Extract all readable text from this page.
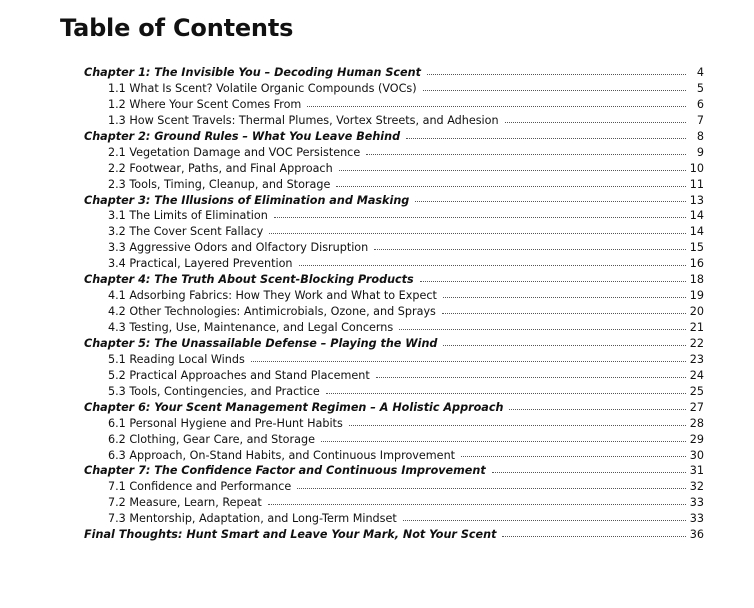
Table of Contents
Chapter 1: The Invisible You – Decoding Human Scent	4
1.1 What Is Scent? Volatile Organic Compounds (VOCs)	5
1.2 Where Your Scent Comes From	6
1.3 How Scent Travels: Thermal Plumes, Vortex Streets, and Adhesion	7
Chapter 2: Ground Rules – What You Leave Behind	8
2.1 Vegetation Damage and VOC Persistence	9
2.2 Footwear, Paths, and Final Approach	10
2.3 Tools, Timing, Cleanup, and Storage	11
Chapter 3: The Illusions of Elimination and Masking	13
3.1 The Limits of Elimination	14
3.2 The Cover Scent Fallacy	14
3.3 Aggressive Odors and Olfactory Disruption	15
3.4 Practical, Layered Prevention	16
Chapter 4: The Truth About Scent-Blocking Products	18
4.1 Adsorbing Fabrics: How They Work and What to Expect	19
4.2 Other Technologies: Antimicrobials, Ozone, and Sprays	20
4.3 Testing, Use, Maintenance, and Legal Concerns	21
Chapter 5: The Unassailable Defense – Playing the Wind	22
5.1 Reading Local Winds	23
5.2 Practical Approaches and Stand Placement	24
5.3 Tools, Contingencies, and Practice	25
Chapter 6: Your Scent Management Regimen – A Holistic Approach	27
6.1 Personal Hygiene and Pre-Hunt Habits	28
6.2 Clothing, Gear Care, and Storage	29
6.3 Approach, On-Stand Habits, and Continuous Improvement	30
Chapter 7: The Confidence Factor and Continuous Improvement	31
7.1 Confidence and Performance	32
7.2 Measure, Learn, Repeat	33
7.3 Mentorship, Adaptation, and Long-Term Mindset	33
Final Thoughts: Hunt Smart and Leave Your Mark, Not Your Scent	36
